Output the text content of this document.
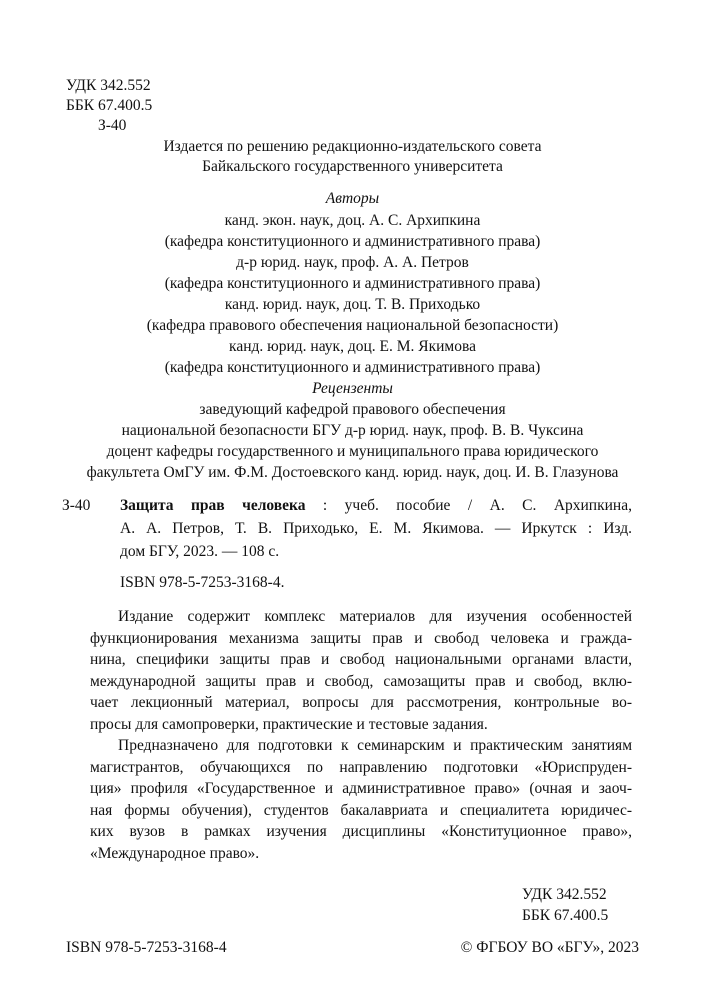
УДК 342.552
ББК 67.400.5
З-40
Издается по решению редакционно-издательского совета
Байкальского государственного университета
Авторы
канд. экон. наук, доц. А. С. Архипкина
(кафедра конституционного и административного права)
д-р юрид. наук, проф. А. А. Петров
(кафедра конституционного и административного права)
канд. юрид. наук, доц. Т. В. Приходько
(кафедра правового обеспечения национальной безопасности)
канд. юрид. наук, доц. Е. М. Якимова
(кафедра конституционного и административного права)
Рецензенты
заведующий кафедрой правового обеспечения
национальной безопасности БГУ д-р юрид. наук, проф. В. В. Чуксина
доцент кафедры государственного и муниципального права юридического
факультета ОмГУ им. Ф.М. Достоевского канд. юрид. наук, доц. И. В. Глазунова
З-40 Защита прав человека : учеб. пособие / А. С. Архипкина,
А. А. Петров, Т. В. Приходько, Е. М. Якимова. — Иркутск : Изд.
дом БГУ, 2023. — 108 с.
ISBN 978-5-7253-3168-4.
Издание содержит комплекс материалов для изучения особенностей
функционирования механизма защиты прав и свобод человека и гражда-
нина, специфики защиты прав и свобод национальными органами власти,
международной защиты прав и свобод, самозащиты прав и свобод, вклю-
чает лекционный материал, вопросы для рассмотрения, контрольные во-
просы для самопроверки, практические и тестовые задания.
Предназначено для подготовки к семинарским и практическим занятиям
магистрантов, обучающихся по направлению подготовки «Юриспруден-
ция» профиля «Государственное и административное право» (очная и заоч-
ная формы обучения), студентов бакалавриата и специалитета юридичес-
ких вузов в рамках изучения дисциплины «Конституционное право»,
«Международное право».
УДК 342.552
ББК 67.400.5
ISBN 978-5-7253-3168-4	© ФГБОУ ВО «БГУ», 2023
